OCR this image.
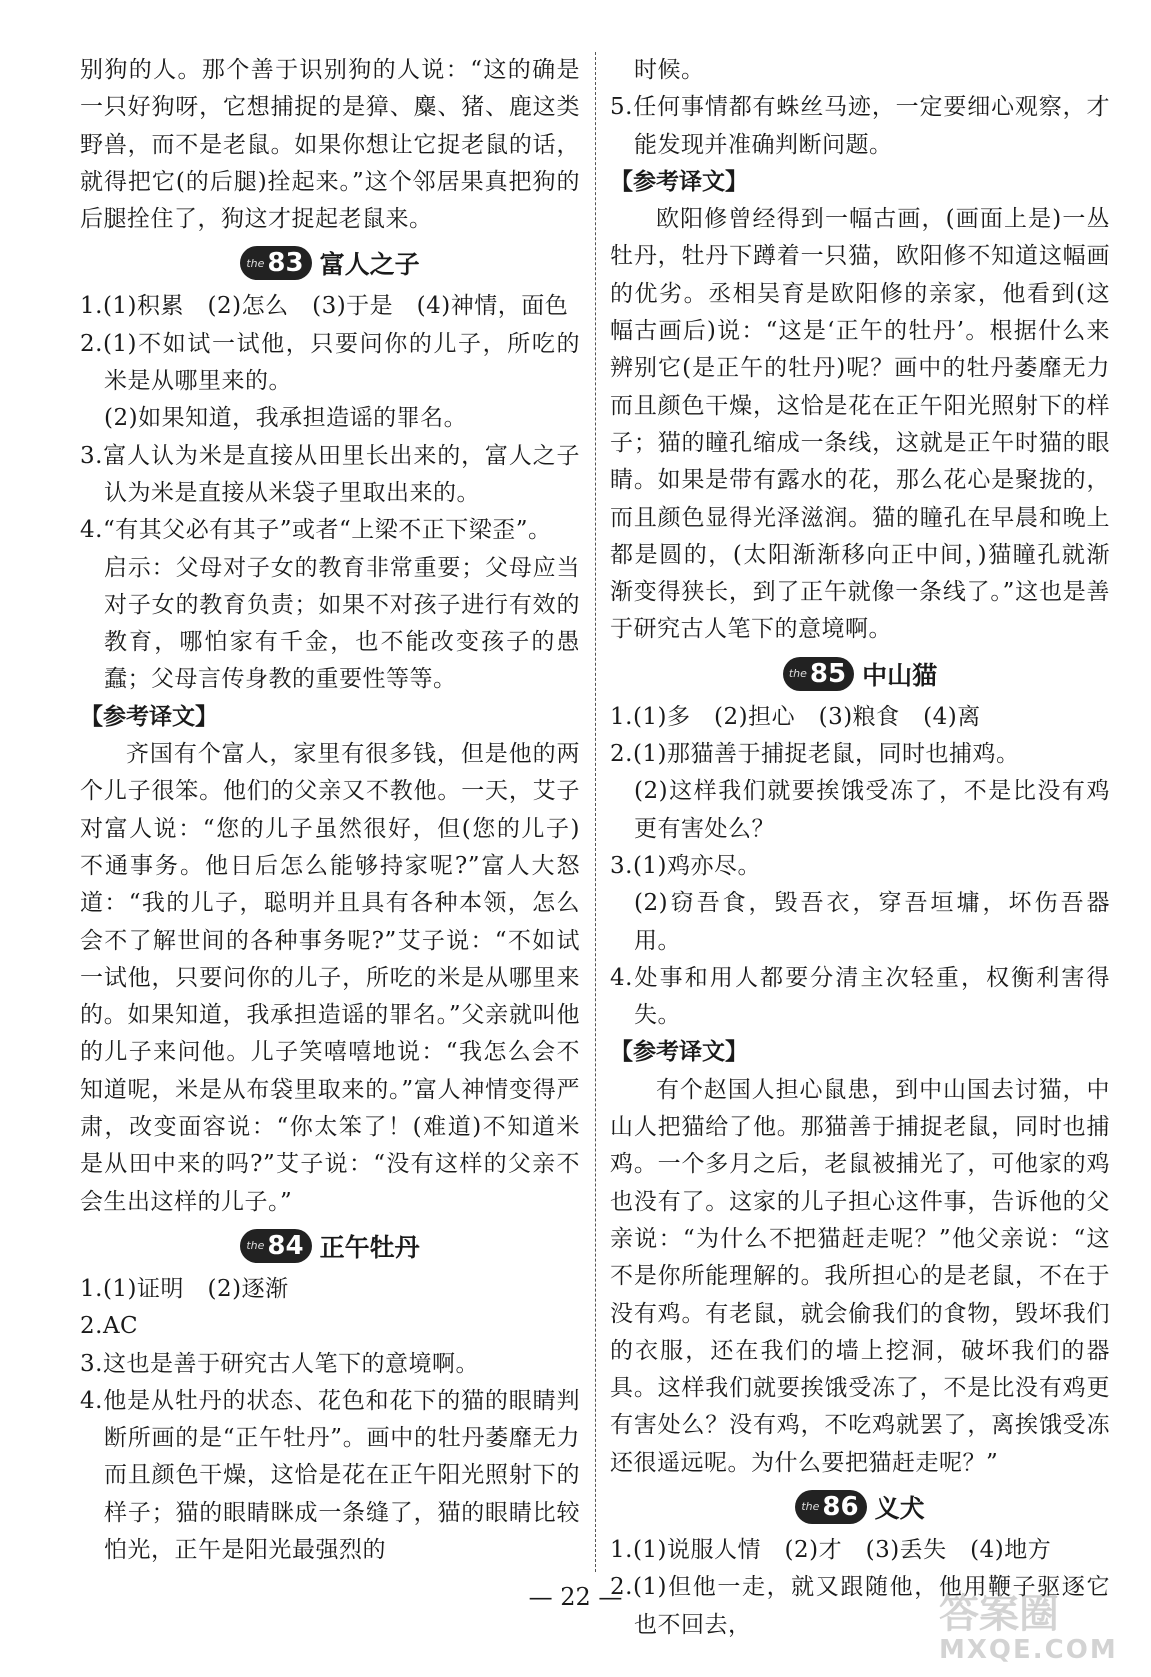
别狗的人。那个善于识别狗的人说：“这的确是一只好狗呀，它想捕捉的是獐、麋、猪、鹿这类野兽，而不是老鼠。如果你想让它捉老鼠的话，就得把它(的后腿)拴起来。”这个邻居果真把狗的后腿拴住了，狗这才捉起老鼠来。

the 83 富人之子

1.(1)积累　(2)怎么　(3)于是　(4)神情，面色

2.(1)不如试一试他，只要问你的儿子，所吃的米是从哪里来的。

(2)如果知道，我承担造谣的罪名。

3.富人认为米是直接从田里长出来的，富人之子认为米是直接从米袋子里取出来的。

4.“有其父必有其子”或者“上梁不正下梁歪”。

启示：父母对子女的教育非常重要；父母应当对子女的教育负责；如果不对孩子进行有效的教育，哪怕家有千金，也不能改变孩子的愚蠢；父母言传身教的重要性等等。

【参考译文】

齐国有个富人，家里有很多钱，但是他的两个儿子很笨。他们的父亲又不教他。一天，艾子对富人说：“您的儿子虽然很好，但(您的儿子)不通事务。他日后怎么能够持家呢?”富人大怒道：“我的儿子，聪明并且具有各种本领，怎么会不了解世间的各种事务呢?”艾子说：“不如试一试他，只要问你的儿子，所吃的米是从哪里来的。如果知道，我承担造谣的罪名。”父亲就叫他的儿子来问他。儿子笑嘻嘻地说：“我怎么会不知道呢，米是从布袋里取来的。”富人神情变得严肃，改变面容说：“你太笨了！(难道)不知道米是从田中来的吗?”艾子说：“没有这样的父亲不会生出这样的儿子。”

the 84 正午牡丹

1.(1)证明　(2)逐渐

2.AC

3.这也是善于研究古人笔下的意境啊。

4.他是从牡丹的状态、花色和花下的猫的眼睛判断所画的是“正午牡丹”。画中的牡丹萎靡无力而且颜色干燥，这恰是花在正午阳光照射下的样子；猫的眼睛眯成一条缝了，猫的眼睛比较怕光，正午是阳光最强烈的

时候。

5.任何事情都有蛛丝马迹，一定要细心观察，才能发现并准确判断问题。

【参考译文】

欧阳修曾经得到一幅古画，(画面上是)一丛牡丹，牡丹下蹲着一只猫，欧阳修不知道这幅画的优劣。丞相吴育是欧阳修的亲家，他看到(这幅古画后)说：“这是‘正午的牡丹’。根据什么来辨别它(是正午的牡丹)呢？画中的牡丹萎靡无力而且颜色干燥，这恰是花在正午阳光照射下的样子；猫的瞳孔缩成一条线，这就是正午时猫的眼睛。如果是带有露水的花，那么花心是聚拢的，而且颜色显得光泽滋润。猫的瞳孔在早晨和晚上都是圆的，(太阳渐渐移向正中间，)猫瞳孔就渐渐变得狭长，到了正午就像一条线了。”这也是善于研究古人笔下的意境啊。

the 85 中山猫

1.(1)多　(2)担心　(3)粮食　(4)离

2.(1)那猫善于捕捉老鼠，同时也捕鸡。

(2)这样我们就要挨饿受冻了，不是比没有鸡更有害处么？

3.(1)鸡亦尽。

(2)窃吾食，毁吾衣，穿吾垣墉，坏伤吾器用。

4.处事和用人都要分清主次轻重，权衡利害得失。

【参考译文】

有个赵国人担心鼠患，到中山国去讨猫，中山人把猫给了他。那猫善于捕捉老鼠，同时也捕鸡。一个多月之后，老鼠被捕光了，可他家的鸡也没有了。这家的儿子担心这件事，告诉他的父亲说：“为什么不把猫赶走呢？”他父亲说：“这不是你所能理解的。我所担心的是老鼠，不在于没有鸡。有老鼠，就会偷我们的食物，毁坏我们的衣服，还在我们的墙上挖洞，破坏我们的器具。这样我们就要挨饿受冻了，不是比没有鸡更有害处么？没有鸡，不吃鸡就罢了，离挨饿受冻还很遥远呢。为什么要把猫赶走呢？”

the 86 义犬

1.(1)说服人情　(2)才　(3)丢失　(4)地方

2.(1)但他一走，就又跟随他，他用鞭子驱逐它也不回去，

— 22 —	答案圈
MXQE.COM
